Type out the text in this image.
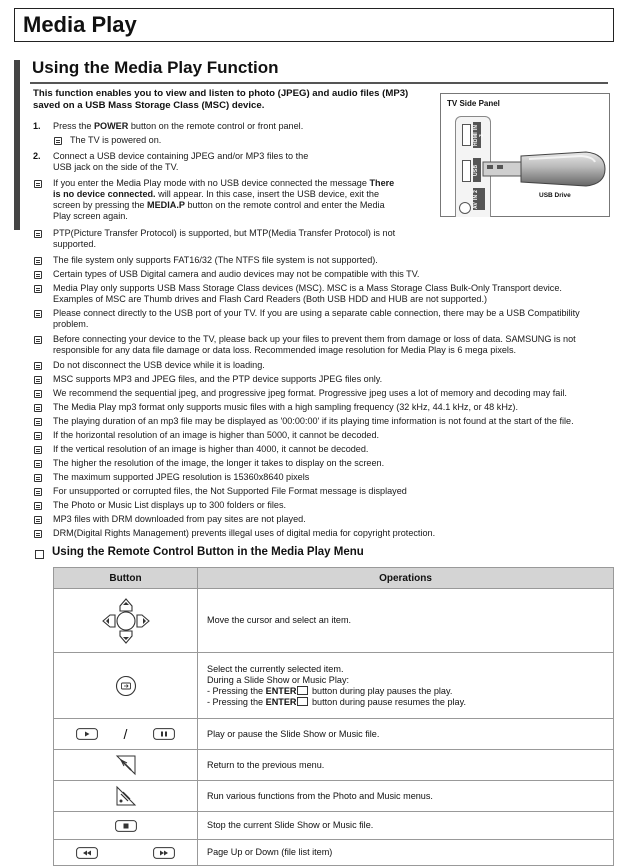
Media Play
Using the Media Play Function
This function enables you to view and listen to photo (JPEG) and audio files (MP3)
saved on a USB Mass Storage Class (MSC) device.
1. Press the POWER button on the remote control or front panel.
The TV is powered on.
2. Connect a USB device containing JPEG and/or MP3 files to the
USB jack on the side of the TV.
If you enter the Media Play mode with no USB device connected the message There
is no device connected. will appear. In this case, insert the USB device, exit the
screen by pressing the MEDIA.P button on the remote control and enter the Media
Play screen again.
PTP(Picture Transfer Protocol) is supported, but MTP(Media Transfer Protocol) is not
supported.
The file system only supports FAT16/32 (The NTFS file system is not supported).
Certain types of USB Digital camera and audio devices may not be compatible with this TV.
Media Play only supports USB Mass Storage Class devices (MSC). MSC is a Mass Storage Class Bulk-Only Transport device.
Examples of MSC are Thumb drives and Flash Card Readers (Both USB HDD and HUB are not supported.)
Please connect directly to the USB port of your TV. If you are using a separate cable connection, there may be a USB Compatibility
problem.
Before connecting your device to the TV, please back up your files to prevent them from damage or loss of data. SAMSUNG is not
responsible for any data file damage or data loss. Recommended image resolution for Media Play is 6 mega pixels.
Do not disconnect the USB device while it is loading.
MSC supports MP3 and JPEG files, and the PTP device supports JPEG files only.
We recommend the sequential jpeg, and progressive jpeg format. Progressive jpeg uses a lot of memory and decoding may fail.
The Media Play mp3 format only supports music files with a high sampling frequency (32 kHz, 44.1 kHz, or 48 kHz).
The playing duration of an mp3 file may be displayed as '00:00:00' if its playing time information is not found at the start of the file.
If the horizontal resolution of an image is higher than 5000, it cannot be decoded.
If the vertical resolution of an image is higher than 4000, it cannot be decoded.
The higher the resolution of the image, the longer it takes to display on the screen.
The maximum supported JPEG resolution is 15360x8640 pixels
For unsupported or corrupted files, the Not Supported File Format message is displayed
The Photo or Music List displays up to 300 folders or files.
MP3 files with DRM downloaded from pay sites are not played.
DRM(Digital Rights Management) prevents illegal uses of digital media for copyright protection.
TV Side Panel
HDMI IN 3
USB
AV IN 2	USB Drive
Using the Remote Control Button in the Media Play Menu
Button	Operations

	Move the cursor and select an item.

Select the currently selected item.
During a Slide Show or Music Play:
- Pressing the ENTER button during play pauses the play.
- Pressing the ENTER button during pause resumes the play.

/	Play or pause the Slide Show or Music file.

	Return to the previous menu.

	Run various functions from the Photo and Music menus.

	Stop the current Slide Show or Music file.

	Page Up or Down (file list item)
